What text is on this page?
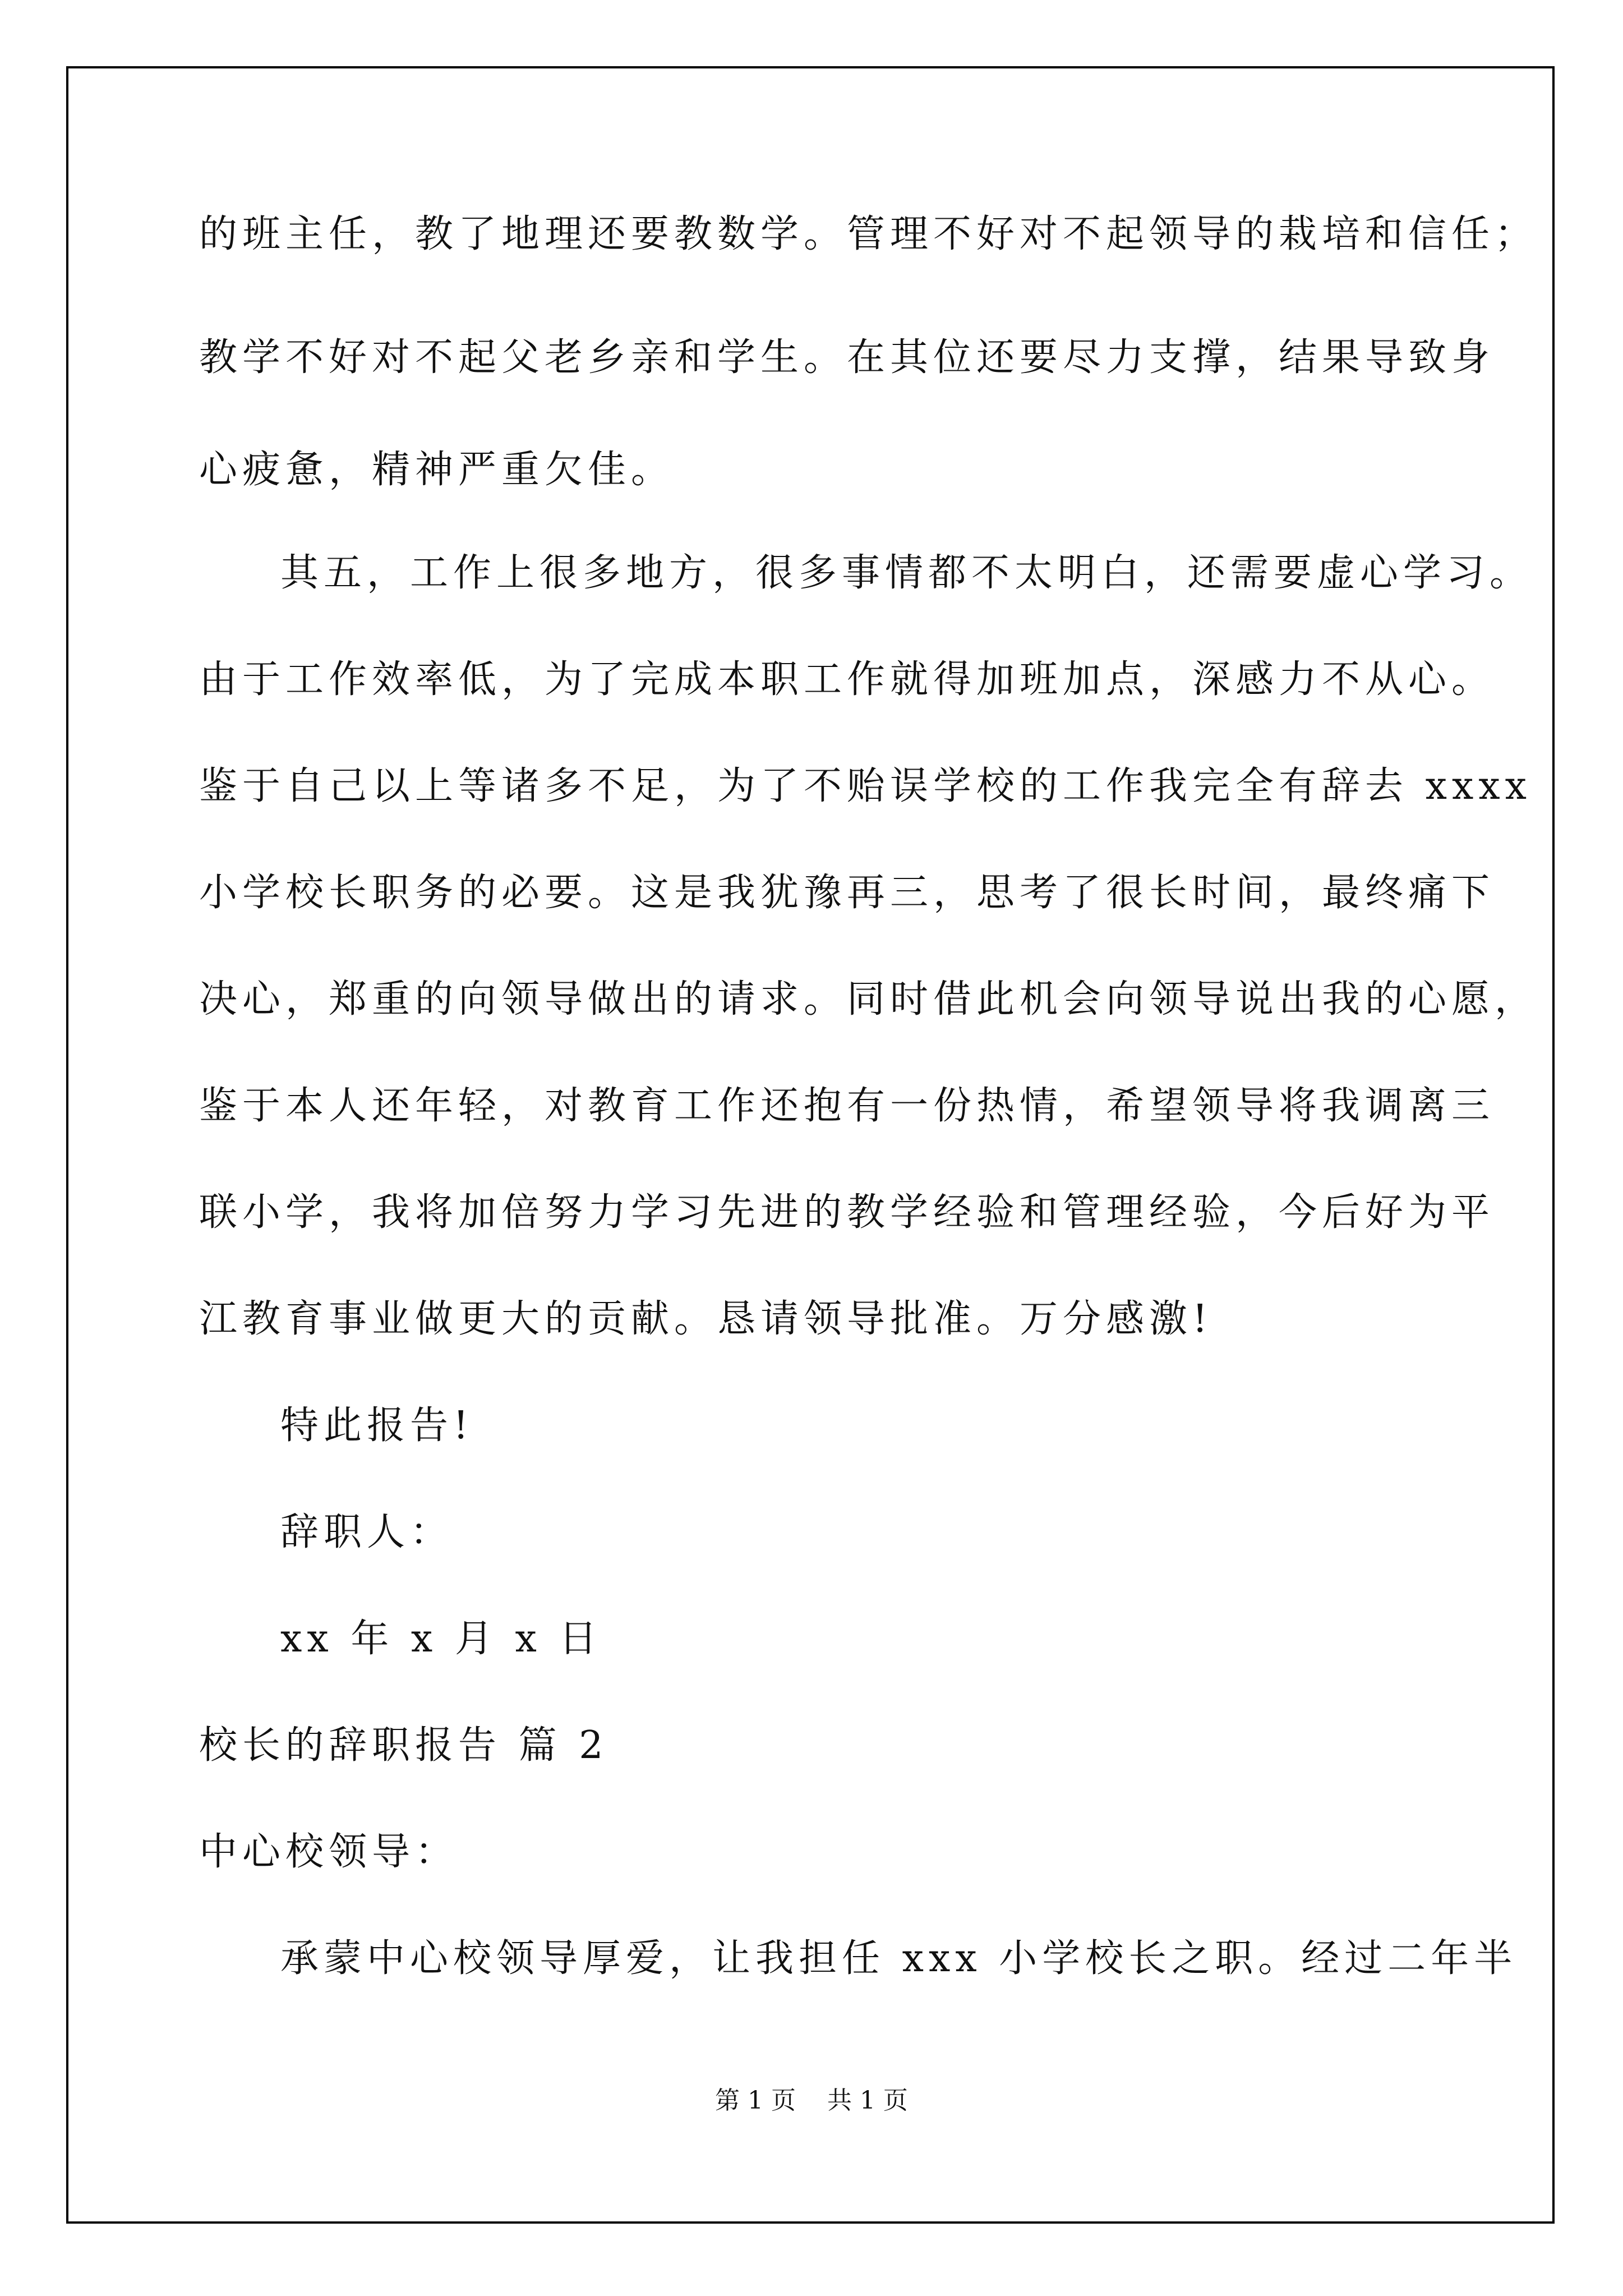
的班主任，教了地理还要教数学。管理不好对不起领导的栽培和信任；
教学不好对不起父老乡亲和学生。在其位还要尽力支撑，结果导致身
心疲惫，精神严重欠佳。
其五，工作上很多地方，很多事情都不太明白，还需要虚心学习。
由于工作效率低，为了完成本职工作就得加班加点，深感力不从心。
鉴于自己以上等诸多不足，为了不贻误学校的工作我完全有辞去 xxxx
小学校长职务的必要。这是我犹豫再三，思考了很长时间，最终痛下
决心，郑重的向领导做出的请求。同时借此机会向领导说出我的心愿，
鉴于本人还年轻，对教育工作还抱有一份热情，希望领导将我调离三
联小学，我将加倍努力学习先进的教学经验和管理经验，今后好为平
江教育事业做更大的贡献。恳请领导批准。万分感激!
特此报告!
辞职人：
xx 年 x 月 x 日
校长的辞职报告 篇 2
中心校领导：
承蒙中心校领导厚爱，让我担任 xxx 小学校长之职。经过二年半
第 1 页    共 1 页
